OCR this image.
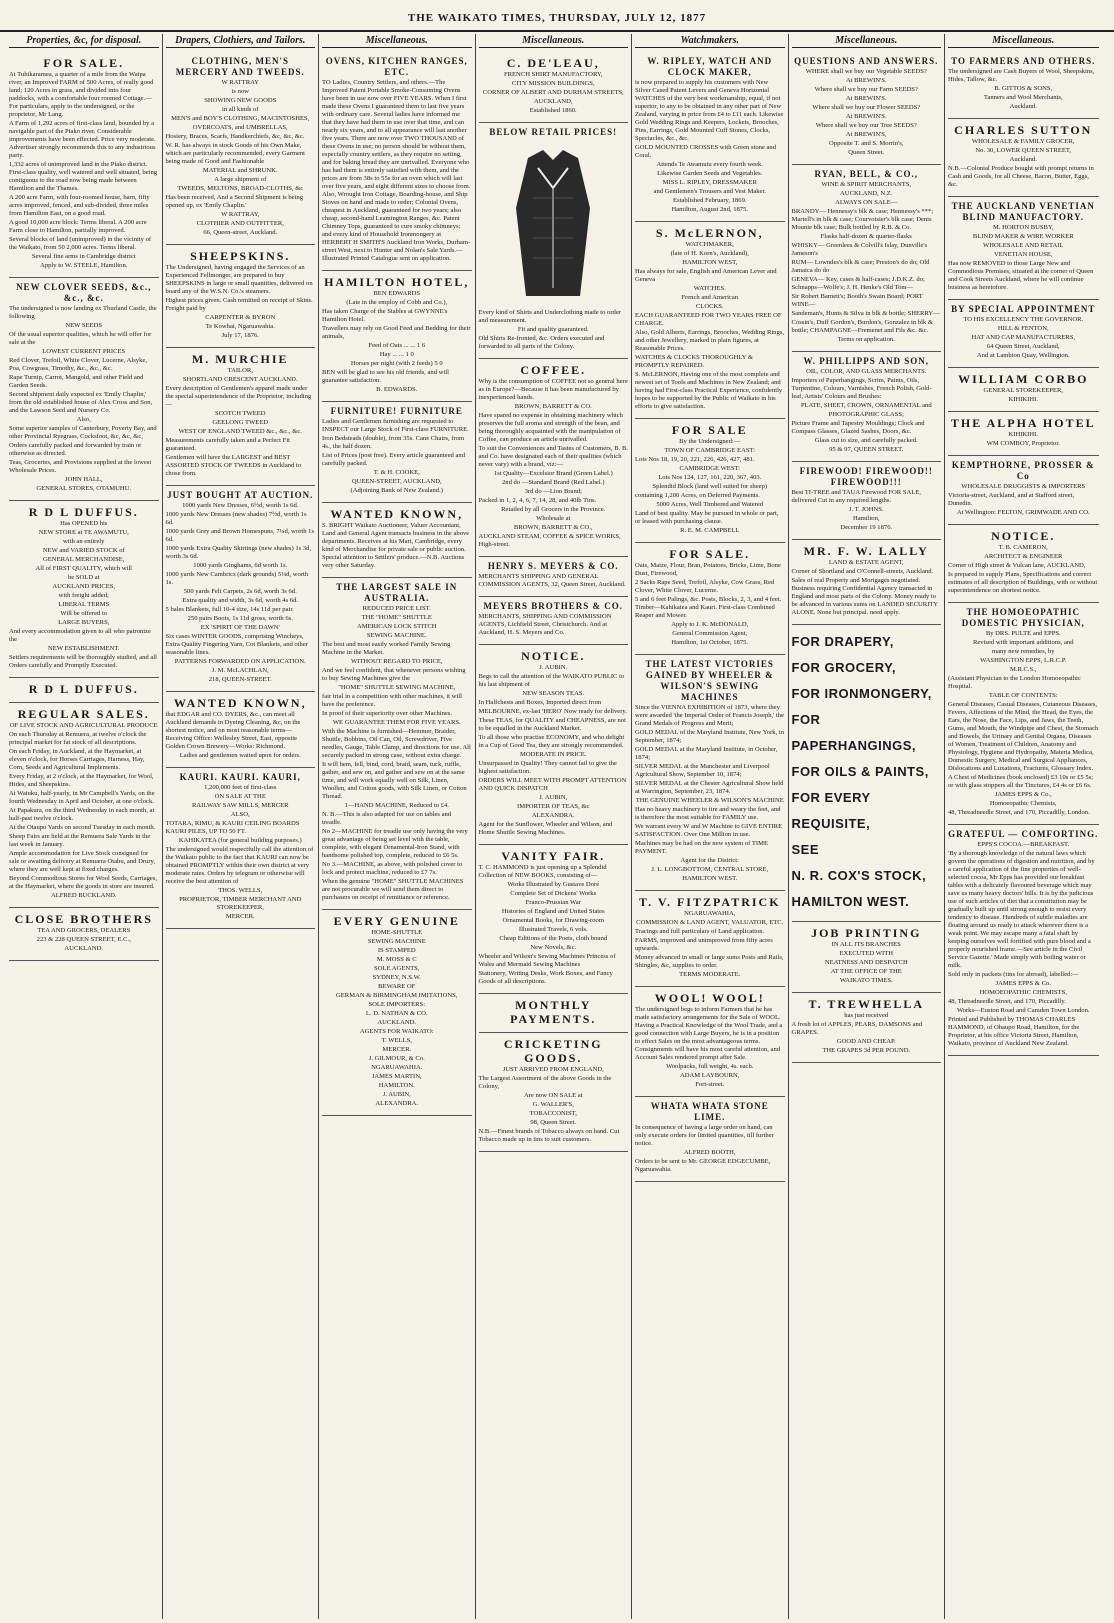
THE WAIKATO TIMES, THURSDAY, JULY 12, 1877
Properties, &c, for disposal.
FOR SALE.

At Tuhikaramea, a quarter of a mile from the Waipa river, an Improved FARM of 500 Acres, of really good land; 120 Acres in grass, and divided into four paddocks, with a comfortable four roomed Cottage.—For particulars, apply to the undersigned, or the proprietor, Mr Lang.

A Farm of 1,292 acres of first-class land, bounded by a navigable part of the Piako river. Considerable improvements have been effected. Price very moderate. Advertiser strongly recommends this to any industrious party.

1,332 acres of unimproved land in the Piako district. First-class quality, well watered and well situated, being contiguous to the road now being made between Hamilton and the Thames.

A 200 acre Farm, with four-roomed house, barn, fifty acres improved, fenced, and sub-divided, three miles from Hamilton East, on a good road.

A good 10,000 acre block: Terms liberal. A 200 acre Farm close to Hamilton, partially improved.

Several blocks of land (unimproved) in the vicinity of the Waikato, from 50 2,000 acres. Terms liberal.

Several fine arms in Cambridge district

Apply to W. STEELE, Hamilton.

NEW CLOVER SEEDS, &c., &c., &c.

The undersigned is now landing ex Thurland Castle, the following

NEW SEEDS

Of the usual superior qualities, which he will offer for sale at the

LOWEST CURRENT PRICES

Red Clover, Trefoil, White Clover, Lucerne, Alsyke, Poa, Cowgrass, Timothy, &c., &c., &c.

Rape Turnip, Carrot, Mangold, and other Field and Garden Seeds.

Second shipment daily expected ex 'Emily Chaplin,' from the old established house of Alex Cross and Son, and the Lawson Seed and Nursery Co.

Also,

Some superior samples of Canterbury, Poverty Bay, and other Provincial Ryegrass, Cocksfoot, &c, &c, &c,

Orders carefully packed and forwarded by train or otherwise as directed.

Teas, Groceries, and Provisions supplied at the lowest Wholesale Prices.

JOHN HALL,

GENERAL STORES, OTAMUHU.

R D L DUFFUS.

Has OPENED his

NEW STORE at TE AWAMUTU,

with an entirely

NEW and VARIED STOCK of

GENERAL MERCHANDISE,

All of FIRST QUALITY, which will

be SOLD at

AUCKLAND PRICES,

with freight added;

LIBERAL TERMS

Will be offered to

LARGE BUYERS,

And every accommodation given to all who patronize the

NEW ESTABLISHMENT.

Settlers requirements will be thoroughly studied, and all Orders carefully and Promptly Executed.

R D L DUFFUS.
REGULAR SALES.

OF LIVE STOCK AND AGRICULTURAL PRODUCE

On each Thursday at Remuera, at twelve o'clock the principal market for fat stock of all descriptions.

On each Friday, in Auckland, at the Haymarket, at eleven o'clock, for Horses Carriages, Harness, Hay, Corn, Seeds and Agricultural Implements.

Every Friday, at 2 o'clock, at the Haymarket, for Wool, Hides, and Sheepskins.

At Waiuku, half-yearly, in Mr Campbell's Yards, on the fourth Wednesday in April and October, at one o'clock.

At Papakura, on the third Wednesday in each month, at half-past twelve o'clock.

At the Otaupo Yards on second Tuesday in each month.

Sheep Fairs are held at the Remuera Sale Yards in the last week in January.

Ample accommodation for Live Stock consigned for sale or awaiting delivery at Remuera Otahu, and Drury, where they are well kept at fixed charges.

Beyond Commodious Stores for Wool Seeds, Carriages, at the Haymarket, where the goods in store are insured.

ALFRED BUCKLAND.

CLOSE BROTHERS

TEA AND GROCERS, DEALERS

223 & 228 QUEEN STREET, E.C.,

AUCKLAND.

Drapers, Clothiers, and Tailors.
CLOTHING, MEN'S MERCERY AND TWEEDS.

W RATTRAY

is now

SHOWING NEW GOODS

in all kinds of

MEN'S and BOY'S CLOTHING, MACINTOSHES,

OVERCOATS, and UMBRELLAS,

Hosiery, Braces, Scarfs, Handkerchiefs, &c, &c, &c.

W. R. has always in stock Goods of his Own Make, which are particularly recommended, every Garment being made of Good and Fashionable

MATERIAL and SHRUNK.

A large shipment of

TWEEDS, MELTONS, BROAD-CLOTHS, &c

Has been received, And a Second Shipment is being opened up, ex 'Emily Chaplin.'

W RATTRAY,

CLOTHIER AND OUTFITTER,

66, Queen-street, Auckland.

SHEEPSKINS.

The Undersigned, having engaged the Services of an Experienced Fellmonger, are prepared to buy SHEEPSKINS in large or small quantities, delivered on board any of the W.S.N. Co.'s steamers.

Highest prices given. Cash remitted on receipt of Skins. Freight paid by

CARPENTER & BYRON

Te Kowhai, Ngaruawahia.

July 17, 1876.

M. MURCHIE

TAILOR,

SHORTLAND CRESCENT AUCKLAND.

Every description of Gentlemen's apparel made under the special superintendence of the Proprietor, including—

SCOTCH TWEED

GEELONG TWEED

WEST OF ENGLAND TWEED &c., &c., &c.

Measurements carefully taken and a Perfect Fit guaranteed.

Gentlemen will have the LARGEST and BEST ASSORTED STOCK OF TWEEDS in Auckland to chose from.

JUST BOUGHT AT AUCTION.

1000 yards New Dresses, 6½d, worth 1s 6d.

1000 yards New Dresses (new shades) 7½d, worth 1s 6d.

1000 yards Grey and Brown Homespuns, 7¼d, worth 1s 6d.

1000 yards Extra Quality Skirtings (new shades) 1s 3d, worth 3s 6d.

1000 yards Ginghams, 6d worth 1s.

1000 yards New Cambrics (dark grounds) 5¼d, worth 1s.

500 yards Felt Carpets, 2s 6d, worth 3s 6d.

Extra quality and width, 3s 6d, worth 4s 6d.

5 bales Blankets, full 10-4 size, 14s 11d per pair.

250 pairs Boots, 1s 11d gross, worth 6s.

EX 'SPIRIT OF THE DAWN'

Six cases WINTER GOODS, comprising Wincheys, Extra Quality Fingering Yarn, Cot Blankets, and other seasonable lines.

PATTERNS FORWARDED ON APPLICATION.

J. M. McLACHLAN,

218, QUEEN-STREET.

WANTED KNOWN,

that EDGAR and CO. DYERS, &c., can meet all Auckland demands in Dyeing Cleaning, &c, on the shortest notice, and on most reasonable terms—Receiving Office: Wellesley Street, East, opposite Golden Crown Brewery—Works: Richmond.

Ladies and gentlemen waited upon for orders.

KAURI. KAURI. KAURI,

1,200,000 feet of first-class

ON SALE AT THE

RAILWAY SAW MILLS, MERCER

ALSO,

TOTARA, RIMU, & KAURI CEILING BOARDS KAURI PILES, UP TO 50 FT.

KAHIKATEA (for general building purposes.)

The undersigned would respectfully call the attention of the Waikato public to the fact that KAURI can now be obtained PROMPTLY within their own district at very moderate rates. Orders by telegram or otherwise will receive the best attention of

THOS. WELLS,

PROPRIETOR, TIMBER MERCHANT AND STOREKEEPER,

MERCER.

Miscellaneous.
OVENS, KITCHEN RANGES, ETC.

TO Ladies, Country Settlers, and others.—The Improved Patent Portable Smoke-Consuming Ovens have been in use now over FIVE YEARS. When I first made these Ovens I guaranteed them to last five years with ordinary care. Several ladies have informed me that they have had them in use over that time, and can nearly six years, and to all appearance will last another five years. There are now over TWO THOUSAND of these Ovens in use; no person should be without them, especially country settlers, as they require no setting, and for baking bread they are unrivalled. Everyone who has had them is entirely satisfied with them, and the prices are from 38s to 55s for an oven which will last over five years, and eight different sizes to choose from. Also, Wrought Iron Cottage, Boarding-house, and Ship Stoves on hand and made to order; Colonial Ovens, cheapest in Auckland, guaranteed for two years; also cheap, second-hand Leamington Ranges, &c. Patent Chimney Tops, guaranteed to cure smoky chimneys; and every kind of Household Ironmongery at HERBERT H SMITH'S Auckland Iron Works, Durham-street West, next to Hunter and Nolan's Sale Yards.—Illustrated Printed Catalogue sent on application.

HAMILTON HOTEL,

BEN EDWARDS

(Late in the employ of Cobb and Co.),

Has taken Charge of the Stables at GWYNNE's Hamilton Hotel.

Travellers may rely on Good Feed and Bedding for their animals,

Feed of Oats ... ... 1 6

Hay ... ... 1 0

Horses per night (with 2 feeds) 5 0

BEN will be glad to see his old friends, and will guarantee satisfaction.

B. EDWARDS.

FURNITURE! FURNITURE

Ladies and Gentlemen furnishing are requested to INSPECT our Large Stock of First-class FURNITURE.

Iron Bedsteads (double), from 35s. Cane Chairs, from 4s., the half dozen.

List of Prices (post free). Every article guaranteed and carefully packed.

T. & H. COOKE,

QUEEN-STREET, AUCKLAND,

(Adjoining Bank of New Zealand.)

WANTED KNOWN,

S. BRIGHT Waikato Auctioneer, Valuer Accountant, Land and General Agent transacts business in the above departments. Receives at his Mart, Cambridge, every kind of Merchandise for private sale or public auction. Special attention to Settlers' produce.—N.B. Auctions very other Saturday.

THE LARGEST SALE IN AUSTRALIA.

REDUCED PRICE LIST.

THE "HOME" SHUTTLE

AMERICAN LOCK STITCH

SEWING MACHINE.

The best and most easily worked Family Sewing Machine in the Market.

WITHOUT REGARD TO PRICE,

And we feel confident, that whenever persons wishing to buy Sewing Machines give the

"HOME" SHUTTLE SEWING MACHINE,

fair trial in a competition with other machines, it will have the preference.

In proof of their superiority over other Machines.

WE GUARANTEE THEM FOR FIVE YEARS.

With the Machine is furnished—Hemmer, Braider, Shuttle, Bobbins, Oil Can, Oil, Screwdriver, Five needles, Gauge, Table Clamp, and directions for use. All securely packed in strong case, without extra charge.

It will hem, fell, bind, cord, braid, seam, tuck, ruffle, gather, and sew on, and gather and sew on at the same time, and will work equally well on Silk, Linen, Woollen, and Cotton goods, with Silk Linen, or Cotton Thread.

1—HAND MACHINE, Reduced to £4.

N. B.—This is also adapted for use on tables and treadle.

No 2—MACHINE for treadle use only having the very great advantage of being set level with the table, complete, with elegant Ornamental-Iron Stand, with handsome polished top, complete, reduced to £6 5s.

No 3.—MACHINE, as above, with polished cover to lock and protect machine, reduced to £7 7s.

When the genuine "HOME" SHUTTLE MACHINES are not procurable we will send them direct to purchasers on receipt of remittance or reference.

EVERY GENUINE

HOME-SHUTTLE

SEWING MACHINE

IS STAMPED

M. MOSS & C

SOLE AGENTS,

SYDNEY, N.S.W.

BEWARE OF

GERMAN & BIRMINGHAM IMITATIONS,

SOLE IMPORTERS:

L. D. NATHAN & CO.

AUCKLAND.

AGENTS FOR WAIKATO:

T. WELLS,

MERCER.

J. GILMOUR, & Co.

NGARUAWAHIA.

JAMES MARTIN,

HAMILTON.

J. AUBIN,

ALEXANDRA.

Miscellaneous.
C. DE'LEAU,

FRENCH SHIRT MANUFACTORY,

CITY MISSION BUILDINGS,

CORNER OF ALBERT AND DURHAM STREETS,

AUCKLAND,

Established 1860.

BELOW RETAIL PRICES!

Every kind of Shirts and Underclothing made to order and measurement.

Fit and quality guaranteed.

Old Shirts Re-fronted, &c. Orders executed and forwarded to all parts of the Colony.

COFFEE.

Why is the consumption of COFFEE not so general here as in Europe?—Because it has been manufactured by inexperienced hands.

BROWN, BARRETT & CO.

Have spared no expense in obtaining machinery which preserves the full aroma and strength of the bean, and being thoroughly acquainted with the manipulation of Coffee, can produce an article unrivalled.

To suit the Conveniences and Tastes of Customers, B. B. and Co. have designated each of their qualities (which never vary) with a brand, viz:—

1st Quality—Excelsior Brand (Green Label.)

2nd do —Standard Brand (Red Label.)

3rd do —Lion Brand;

Packed in 1, 2, 4, 6, 7, 14, 28, and 40lb Tins.

Retailed by all Grocers in the Province.

Wholesale at

BROWN, BARRETT & CO.,

AUCKLAND STEAM, COFFEE & SPICE WORKS, High-street.

HENRY S. MEYERS & CO.

MERCHANTS SHIPPING AND GENERAL COMMISSION AGENTS, 32, Queen Street, Auckland.

MEYERS BROTHERS & CO.

MERCHANTS, SHIPPING AND COMMISSION AGENTS, Lichfield Street, Christchurch. And at Auckland, H. S. Meyers and Co.

NOTICE.

J. AUBIN.

Begs to call the attention of the WAIKATO PUBLIC to his last shipment of

NEW SEASON TEAS.

In Halfchests and Boxes, Imported direct from

MELBOURNE, ex-last 'HERO' Now ready for delivery.

These TEAS, for QUALITY and CHEAPNESS, are not to be equalled in the Auckland Market.

To all those who practise ECONOMY, and who delight in a Cup of Good Tea, they are strongly recommended.

MODERATE IN PRICE.

Unsurpassed in Quality! They cannot fail to give the highest satisfaction.

ORDERS WILL MEET WITH PROMPT ATTENTION AND QUICK DISPATCH

J. AUBIN,

IMPORTER OF TEAS, &c

ALEXANDRA.

Agent for the Sunflower, Wheeler and Wilson, and Home Shuttle Sewing Machines.

VANITY FAIR.

T. C. HAMMOND is just opening up a Splendid Collection of NEW BOOKS, consisting of—

Works Illustrated by Gustave Doré

Complete Set of Dickens' Works

Franco-Prussian War

Histories of England and United States

Ornamental Books, for Drawing-room

Illustrated Travels, 6 vols.

Cheap Editions of the Poets, cloth bound

New Novels, &c.

Wheeler and Wilson's Sewing Machines Princess of Wales and Mermaid Sewing Machines

Stationery, Writing Desks, Work Boxes, and Fancy Goods of all descriptions.

MONTHLY PAYMENTS.
CRICKETING GOODS.

JUST ARRIVED FROM ENGLAND,

The Largest Assortment of the above Goods in the Colony,

Are now ON SALE at

G. WALLER'S,

TOBACCONIST,

98, Queen Street.

N.B.—Finest brands of Tobacco always on hand. Cut Tobacco made up in tins to suit customers.

Watchmakers.
W. RIPLEY, WATCH AND CLOCK MAKER,

is now prepared to supply his customers with New Silver Cased Patent Levers and Geneva Horizontal WATCHES of the very best workmanship, equal, if not superior, to any to be obtained in any other part of New Zealand, varying in price from £4 to £11 each. Likewise Gold Wedding Rings and Keepers, Lockets, Brooches, Pins, Earrings, Gold Mounted Cuff Stones, Clocks, Spectacles, &c., &c.

GOLD MOUNTED CROSSES with Green stone and Coral.

Attends Te Awamutu every fourth week.

Likewise Garden Seeds and Vegetables.

MISS L. RIPLEY, DRESSMAKER

and Gentlemen's Trousers and Vest Maker.

Established February, 1869.

Hamilton, August 2nd, 1875.

S. McLERNON,

WATCHMAKER,

(late of H. Korn's, Auckland),

HAMILTON WEST,

Has always for sale, English and American Lever and Geneva

WATCHES.

French and American

CLOCKS.

EACH GUARANTEED FOR TWO YEARS FREE OF CHARGE.

Also, Gold Alberts, Earrings, Brooches, Wedding Rings, and other Jewellery, marked in plain figures, at Reasonable Prices.

WATCHES & CLOCKS THOROUGHLY & PROMPTLY REPAIRED.

S. McLERNON, Having one of the most complete and newest set of Tools and Machines in New Zealand; and having had First-class Practical Experience, confidently hopes to be supported by the Public of Waikato in his efforts to give satisfaction.

FOR SALE

By the Undersigned:—

TOWN OF CAMBRIDGE EAST:

Lots Nos 18, 19, 20, 221, 226, 426, 427, 481.

CAMBRIDGE WEST:

Lots Nos 124, 127, 161, 220, 367, 403.

Splendid Block (land well suited for sheep)

containing 1,200 Acres, on Deferred Payments.

5000 Acres, Well Timbered and Watered

Land of best quality. May be pursued in whole or part, or leased with purchasing clause.

R. E. M. CAMPBELL

FOR SALE.

Oats, Maize, Flour, Bran, Potatoes, Bricks, Lime, Bone Dust, Firewood,

2 Sacks Rape Seed, Trefoil, Alsyke, Cow Grass, Red Clover, White Clover, Lucerne.

5 and 6 feet Palings, &c. Posts, Blocks, 2, 3, and 4 feet. Timber—Kahikatea and Kauri. First-class Combined Reaper and Mower.

Apply to J. K. McDONALD,

General Commission Agent,

Hamilton, 1st October, 1875.

THE LATEST VICTORIES GAINED BY WHEELER & WILSON'S SEWING MACHINES

Since the VIENNA EXHIBITION of 1873, where they were awarded 'the Imperial Order of Francis Joseph,' the Grand Medals of Progress and Merit;

GOLD MEDAL of the Maryland Institute, New York, in September, 1874;

GOLD MEDAL at the Maryland Institute, in October, 1874;

SILVER MEDAL at the Manchester and Liverpool Agricultural Show, September 10, 1874;

SILVER MEDAL at the Chester Agricultural Show held at Warrington, September, 23, 1874.

THE GENUINE WHEELER & WILSON'S MACHINE

Has no heavy machinery to tire and weary the feet, and is therefore the most suitable for FAMILY use.

We warrant every W and W Machine to GIVE ENTIRE SATISFACTION. Over One Million in use.

Machines may be had on the new system of TIME PAYMENT.

Agent for the District:

J. L. LONGBOTTOM, CENTRAL STORE,

HAMILTON WEST.

T. V. FITZPATRICK

NGARUAWAHIA,

COMMISSION & LAND AGENT, VALUATOR, ETC.

Tracings and full particulars of Land application.

FARMS, improved and unimproved from fifty acres upwards.

Money advanced in small or large sums Posts and Rails, Shingles, &c, supplies to order.

TERMS MODERATE.

WOOL! WOOL!

The undersigned begs to inform Farmers that he has made satisfactory arrangements for the Sale of WOOL. Having a Practical Knowledge of the Wool Trade, and a good connection with Large Buyers, he is in a position to effect Sales on the most advantageous terms. Consignments will have his most careful attention, and Account Sales rendered prompt after Sale.

Woolpacks, full weight, 4s. each.

ADAM LAYBOURN,

Fort-street.

WHATA WHATA STONE LIME.

In consequence of having a large order on hand, can only execute orders for limited quantities, till further notice.

ALFRED BOOTH,

Orders to be sent to Mr. GEORGE EDGECUMBE, Ngaruawahia.

Miscellaneous.
QUESTIONS AND ANSWERS.

WHERE shall we buy our Vegetable SEEDS?

At BREWIN'S.

Where shall we buy our Farm SEEDS?

At BREWIN'S.

Where shall we buy our Flower SEEDS?

At BREWIN'S.

Where shall we buy our Tree SEEDS?

At BREWIN'S,

Opposite T. and S. Morrin's,

Queen Street.

RYAN, BELL, & CO.,

WINE & SPIRIT MERCHANTS,

AUCKLAND, N.Z.

ALWAYS ON SALE—

BRANDY— Hennessy's blk & case; Hennessy's ***; Martell's in blk & case; Courvoisier's blk case; Denis Mounie blk case; Bulk bottled by R.B. & Co.

Flasks half-dozen & quarter-flasks

WHISKY— Greenlees & Colvill's Islay, Dunville's Jameson's

RUM— Lowndes's blk & case; Preston's do do; Old Jamaica do do

GENEVA— Key, cases & half-cases; J.D.K.Z. do; Schnapps—Wolfe's; J. H. Henke's Old Tom—

Sir Robert Barnett's; Booth's Swain Board; PORT WINE—

Sandeman's, Hunts & Silva in blk & bottle; SHERRY—

Cossin's, Duff Gordon's, Burdon's, Gonzalez in blk & bottle; CHAMPAGNE—Fremenet and Fils &c. &c.

Terms on application.

W. PHILLIPPS AND SON,

OIL, COLOR, AND GLASS MERCHANTS.

Importers of Paperhangings, Scrim, Paints, Oils, Turpentine, Colours, Varnishes, French Polish, Gold-leaf, Artists' Colours and Brushes:

PLATE, SHEET, CROWN, ORNAMENTAL and

PHOTOGRAPHIC GLASS;

Picture Frame and Tapestry Mouldings; Clock and Compass Glasses, Glazed Sashes, Doors, &c.

Glass cut to size, and carefully packed.

95 & 97, QUEEN STREET.

FIREWOOD! FIREWOOD!! FIREWOOD!!!

Best TI-TREE and TAUA Firewood FOR SALE, delivered Cut in any required lengths.

J. T. JOHNS.

Hamilton,

December 19 1876.

MR. F. W. LALLY

LAND & ESTATE AGENT,

Corner of Shortland and O'Connell-streets, Auckland.

Sales of real Property and Mortgages negotiated. Business requiring Confidential Agency transacted in England and most parts of the Colony. Money ready to be advanced in various sums on LANDED SECURITY ALONE. None but principal. need apply.

FOR DRAPERY,

FOR GROCERY,

FOR IRONMONGERY,

FOR PAPERHANGINGS,

FOR OILS & PAINTS,

FOR EVERY REQUISITE,

SEE

N. R. COX'S STOCK,

HAMILTON WEST.

JOB PRINTING

IN ALL ITS BRANCHES

EXECUTED WITH

NEATNESS AND DESPATCH

AT THE OFFICE OF THE

WAIKATO TIMES.

T. TREWHELLA

has just received

A fresh lot of APPLES, PEARS, DAMSONS and GRAPES.

GOOD AND CHEAP.

THE GRAPES 3d PER POUND.

Miscellaneous.
TO FARMERS AND OTHERS.

The undersigned are Cash Buyers of Wool, Sheepskins, Hides, Tallow, &c.

B. GITTOS & SONS,

Tanners and Wool Merchants,

Auckland.

CHARLES SUTTON

WHOLESALE & FAMILY GROCER,

No. 30, LOWER QUEEN STREET,

Auckland.

N.B.—Colonial Produce bought with prompt returns in Cash and Goods, for all Cheese, Bacon, Butter, Eggs, &c.

THE AUCKLAND VENETIAN BLIND MANUFACTORY.

M. HORTON BUSBY,

BLIND MAKER & WIRE WORKER

WHOLESALE AND RETAIL

VENETIAN HOUSE,

Has now REMOVED to those Large New and Commodious Premises, situated at the corner of Queen and Cook Streets Auckland, where he will continue business as heretofore.

BY SPECIAL APPOINTMENT

TO HIS EXCELLENCY THE GOVERNOR.

HILL & FENTON,

HAT AND CAP MANUFACTURERS,

64 Queen Street, Auckland,

And at Lambton Quay, Wellington.

WILLIAM CORBO

GENERAL STOREKEEPER,

KIHIKIHI.

THE ALPHA HOTEL

KIHIKIHI.

WM COMBOY, Proprietor.

KEMPTHORNE, PROSSER & Co

WHOLESALE DRUGGISTS & IMPORTERS

Victoria-street, Auckland, and at Stafford street, Dunedin.

At Wellington: FELTON, GRIMWADE AND CO.

NOTICE.

T. B. CAMERON,

ARCHITECT & ENGINEER

Corner of High street & Vulcan lane, AUCKLAND,

Is prepared to supply Plans, Specifications and correct estimates of all description of Buildings, with or without superintendence on shortest notice.

THE HOMOEOPATHIC DOMESTIC PHYSICIAN,

By DRS. PULTE and EPPS.

Revised with important additions, and

many new remedies, by

WASHINGTON EPPS, L.R.C.P.

M.R.C.S.,

(Assistant Physician to the London Homoeopathic Hospital.

TABLE OF CONTENTS:

General Diseases, Casual Diseases, Cutaneous Diseases, Fevers, Affections of the Mind, the Head, the Eyes, the Ears, the Nose, the Face, Lips, and Jaws, the Teeth, Gums, and Mouth, the Windpipe and Chest, the Stomach and Bowels, the Urinary and Genital Organs, Diseases of Women, Treatment of Children, Anatomy and Physiology, Hygiene and Hydropathy, Materia Medica, Domestic Surgery, Medical and Surgical Appliances, Dislocations and Luxations, Fractures, Glossary Index.

A Chest of Medicines (book enclosed) £3 10s or £5 5s; or with glass stoppers all the Tinctures, £4 4s or £6 6s.

JAMES EPPS & Co.,

Homoeopathic Chemists,

48, Threadneedle Street, and 170, Piccadilly, London.

GRATEFUL — COMFORTING.

EPPS'S COCOA.—BREAKFAST.

'By a thorough knowledge of the natural laws which govern the operations of digestion and nutrition, and by a careful application of the fine properties of well-selected cocoa, Mr Epps has provided our breakfast tables with a delicately flavoured beverage which may save us many heavy doctors' bills. It is by the judicious use of such articles of diet that a constitution may be gradually built up until strong enough to resist every tendency to disease. Hundreds of subtle maladies are floating around us ready to attack wherever there is a weak point. We may escape many a fatal shaft by keeping ourselves well fortified with pure blood and a properly nourished frame.—See article in the Civil Service Gazette.' Made simply with boiling water or milk.

Sold only in packets (tins for abroad), labelled:—

JAMES EPPS & Co.

HOMOEOPATHIC CHEMISTS,

48, Threadneedle Street, and 170, Piccadilly.

Works—Euston Road and Camden Town London.

Printed and Published by THOMAS CHARLES HAMMOND, of Ohaupo Road, Hamilton, for the Proprietor, at his office Victoria Street, Hamilton, Waikato, province of Auckland New Zealand.
